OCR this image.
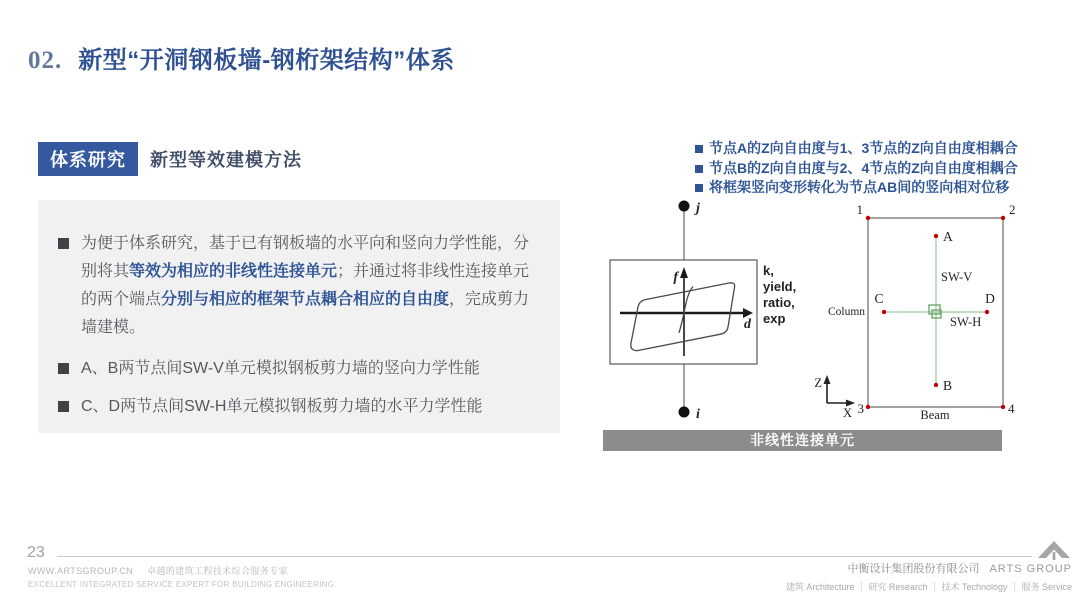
02. 新型“开洞钢板墙-钢桁架结构”体系
体系研究	新型等效建模方法
节点A的Z向自由度与1、3节点的Z向自由度相耦合
节点B的Z向自由度与2、4节点的Z向自由度相耦合
将框架竖向变形转化为节点AB间的竖向相对位移

为便于体系研究，基于已有钢板墙的水平向和竖向力学性能，分别将其等效为相应的非线性连接单元；并通过将非线性连接单元的两个端点分别与相应的框架节点耦合相应的自由度，完成剪力墙建模。

A、B两节点间SW-V单元模拟钢板剪力墙的竖向力学性能

C、D两节点间SW-H单元模拟钢板剪力墙的水平力学性能

j
i
f
d
k,
yield,
ratio,
exp
1	2
3	4
A
B
C	D
SW-V
SW-H
Column
Beam
Z
X
非线性连接单元
23
WWW.ARTSGROUP.CN 卓越的建筑工程技术综合服务专家
EXCELLENT INTEGRATED SERVICE EXPERT FOR BUILDING ENGINEERING
中衡设计集团股份有限公司 ARTS GROUP
建筑 Architecture ｜ 研究 Research ｜ 技术 Technology ｜ 服务 Service
